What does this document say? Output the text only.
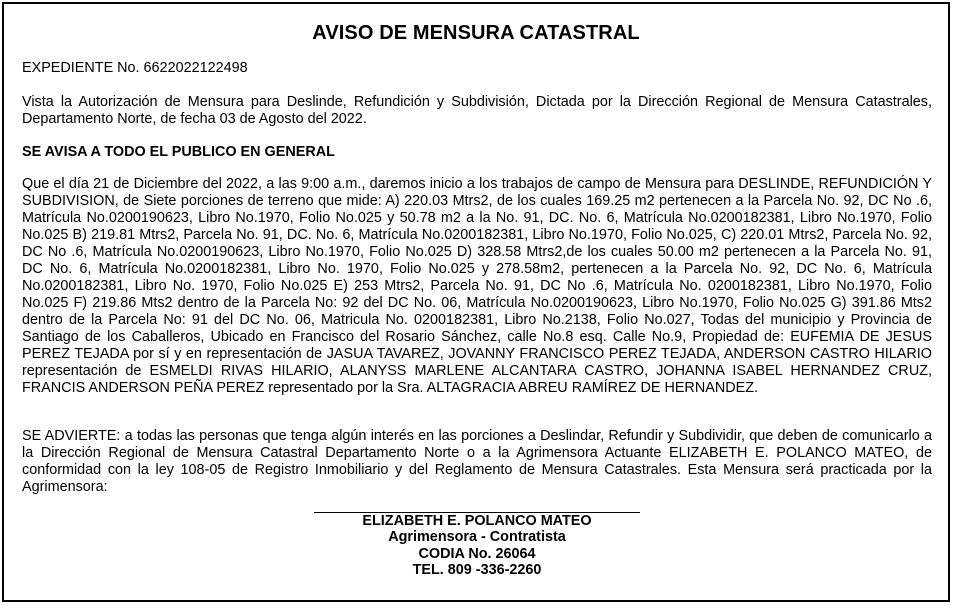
AVISO DE MENSURA CATASTRAL

EXPEDIENTE No. 6622022122498

Vista la Autorización de Mensura para Deslinde, Refundición y Subdivisión, Dictada por la Dirección Regional de Mensura Catastrales, Departamento Norte, de fecha 03 de Agosto del 2022.

SE AVISA A TODO EL PUBLICO EN GENERAL

Que el día 21 de Diciembre del 2022, a las 9:00 a.m., daremos inicio a los trabajos de campo de Mensura para DESLINDE, REFUNDICIÓN Y SUBDIVISION, de Siete porciones de terreno que mide: A) 220.03 Mtrs2, de los cuales 169.25 m2 pertenecen a la Parcela No. 92, DC No .6, Matrícula No.0200190623, Libro No.1970, Folio No.025 y 50.78 m2 a la No. 91, DC. No. 6, Matrícula No.0200182381, Libro No.1970, Folio No.025 B) 219.81 Mtrs2, Parcela No. 91, DC. No. 6, Matrícula No.0200182381, Libro No.1970, Folio No.025, C) 220.01 Mtrs2, Parcela No. 92, DC No .6, Matrícula No.0200190623, Libro No.1970, Folio No.025 D) 328.58 Mtrs2,de los cuales 50.00 m2 pertenecen a la Parcela No. 91, DC No. 6, Matrícula No.0200182381, Libro No. 1970, Folio No.025 y 278.58m2, pertenecen a la Parcela No. 92, DC No. 6, Matrícula No.0200182381, Libro No. 1970, Folio No.025 E) 253 Mtrs2, Parcela No. 91, DC No .6, Matrícula No. 0200182381, Libro No.1970, Folio No.025 F) 219.86 Mts2 dentro de la Parcela No: 92 del DC No. 06, Matrícula No.0200190623, Libro No.1970, Folio No.025 G) 391.86 Mts2 dentro de la Parcela No: 91 del DC No. 06, Matricula No. 0200182381, Libro No.2138, Folio No.027, Todas del municipio y Provincia de Santiago de los Caballeros, Ubicado en Francisco del Rosario Sánchez, calle No.8 esq. Calle No.9, Propiedad de: EUFEMIA DE JESUS PEREZ TEJADA por sí y en representación de JASUA TAVAREZ, JOVANNY FRANCISCO PEREZ TEJADA, ANDERSON CASTRO HILARIO representación de ESMELDI RIVAS HILARIO, ALANYSS MARLENE ALCANTARA CASTRO, JOHANNA ISABEL HERNANDEZ CRUZ, FRANCIS ANDERSON PEÑA PEREZ representado por la Sra. ALTAGRACIA ABREU RAMÍREZ DE HERNANDEZ.

SE ADVIERTE: a todas las personas que tenga algún interés en las porciones a Deslindar, Refundir y Subdividir, que deben de comunicarlo a la Dirección Regional de Mensura Catastral Departamento Norte o a la Agrimensora Actuante ELIZABETH E. POLANCO MATEO, de conformidad con la ley 108-05 de Registro Inmobiliario y del Reglamento de Mensura Catastrales. Esta Mensura será practicada por la Agrimensora:

ELIZABETH E. POLANCO MATEO
Agrimensora - Contratista
CODIA No. 26064
TEL. 809 -336-2260
